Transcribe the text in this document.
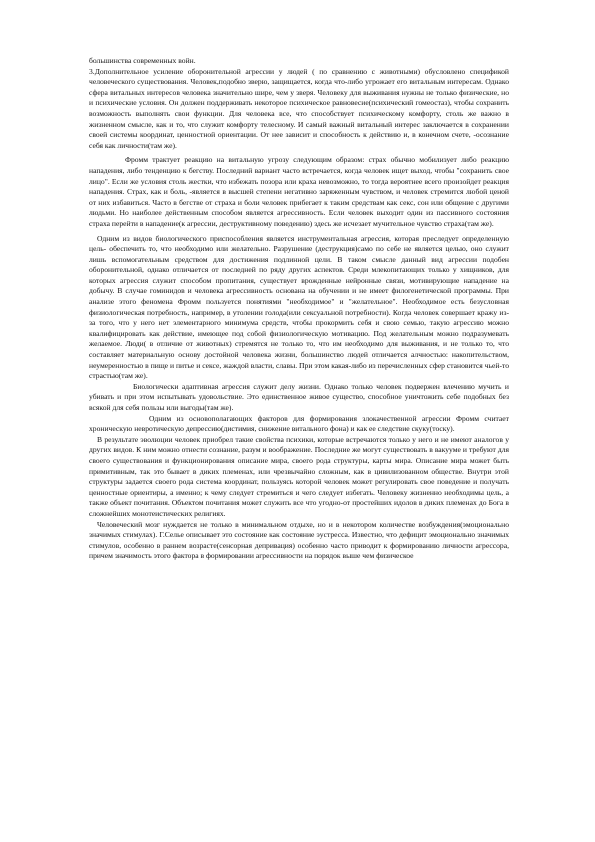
большинства современных войн.

3.Дополнительное усиление оборонительной агрессии у людей ( по сравнению с животными) обусловлено спецификой человеческого существования. Человек,подобно зверю, защищается, когда что-либо угрожает его витальным интересам. Однако сфера витальных интересов человека значительно шире, чем у зверя. Человеку для выживания нужны не только физические, но и психические условия. Он должен поддерживать некоторое психическое равновесие(психический гомеостаз), чтобы сохранить возможность выполнять свои функции. Для человека все, что способствует психическому комфорту, столь же важно в жизненном смысле, как и то, что служит комфорту телесному. И самый важный витальный интерес заключается в сохранении своей системы координат, ценностной ориентации. От нее зависит и способность к действию и, в конечном счете, -осознание себя как личности(там же).

Фромм трактует реакцию на витальную угрозу следующим образом: страх обычно мобилизует либо реакцию нападения, либо тенденцию к бегству. Последний вариант часто встречается, когда человек ищет выход, чтобы "сохранить свое лицо". Если же условия столь жестки, что избежать позора или краха невозможно, то тогда вероятнее всего произойдет реакция нападения. Страх, как и боль, -является в высшей степени негативно заряженным чувством, и человек стремится любой ценой от них избавиться. Часто в бегстве от страха и боли человек прибегает к таким средствам как секс, сон или общение с другими людьми. Но наиболее действенным способом является агрессивность. Если человек выходит один из пассивного состояния страха перейти в нападение(к агрессии, деструктивному поведению) здесь же исчезает мучительное чувство страха(там же).

Одним из видов биологического приспособления является инструментальная агрессия, которая преследует определенную цель- обеспечить то, что необходимо или желательно. Разрушение (деструкция)само по себе не является целью, оно служит лишь вспомогательным средством для достижения подлинной цели. В таком смысле данный вид агрессии подобен оборонительной, однако отличается от последней по ряду других аспектов. Среди млекопитающих только у хищников, для которых агрессия служит способом пропитания, существует врожденные нейронные связи, мотивирующие нападение на добычу. В случае гоминидов и человека агрессивность основана на обучении и не имеет филогенетической программы. При анализе этого феномена Фромм пользуется понятиями "необходимое" и "желательное". Необходимое есть безусловная физиологическая потребность, например, в утолении голода(или сексуальной потребности). Когда человек совершает кражу из-за того, что у него нет элементарного минимума средств, чтобы прокормить себя и свою семью, такую агрессию можно квалифицировать как действие, имеющее под собой физиологическую мотивацию. Под желательным можно подразумевать желаемое. Люди( в отличие от животных) стремятся не только то, что им необходимо для выживания, и не только то, что составляет материальную основу достойной человека жизни, большинство людей отличается алчностью: накопительством, неумеренностью в пище и питье и сексе, жаждой власти, славы. При этом какая-либо из перечисленных сфер становится чьей-то страстью(там же).

Биологически адаптивная агрессия служит делу жизни. Однако только человек подвержен влечению мучить и убивать и при этом испытывать удовольствие. Это единственное живое существо, способное уничтожить себе подобных без всякой для себя пользы или выгоды(там же).

Одним из основополагающих факторов для формирования злокачественной агрессии Фромм считает хроническую невротическую депрессию(дистимия, снижение витального фона) и как ее следствие скуку(тоску).

В результате эволюции человек приобрел такие свойства психики, которые встречаются только у него и не имеют аналогов у других видов. К ним можно отнести сознание, разум и воображение. Последние же могут существовать в вакууме и требуют для своего существования и функционирования описание мира, своего рода структуры, карты мира. Описание мира может быть примитивным, так это бывает в диких племенах, или чрезвычайно сложным, как в цивилизованном обществе. Внутри этой структуры задается своего рода система координат, пользуясь которой человек может регулировать свое поведение и получать ценностные ориентиры, а именно; к чему следует стремиться и чего следует избегать. Человеку жизненно необходимы цель, а также объект почитания. Объектом почитания может служить все что угодно-от простейших идолов в диких племенах до Бога в сложнейших монотеистических религиях.

Человеческий мозг нуждается не только в минимальном отдыхе, но и в некотором количестве возбуждения(эмоционально значимых стимулах). Г.Селье описывает это состояние как состояние эустресса. Известно, что дефицит эмоционально значимых стимулов, особенно в раннем возрасте(сенсорная депривация) особенно часто приводит к формированию личности агрессора, причем значимость этого фактора в формировании агрессивности на порядок выше чем физическое
